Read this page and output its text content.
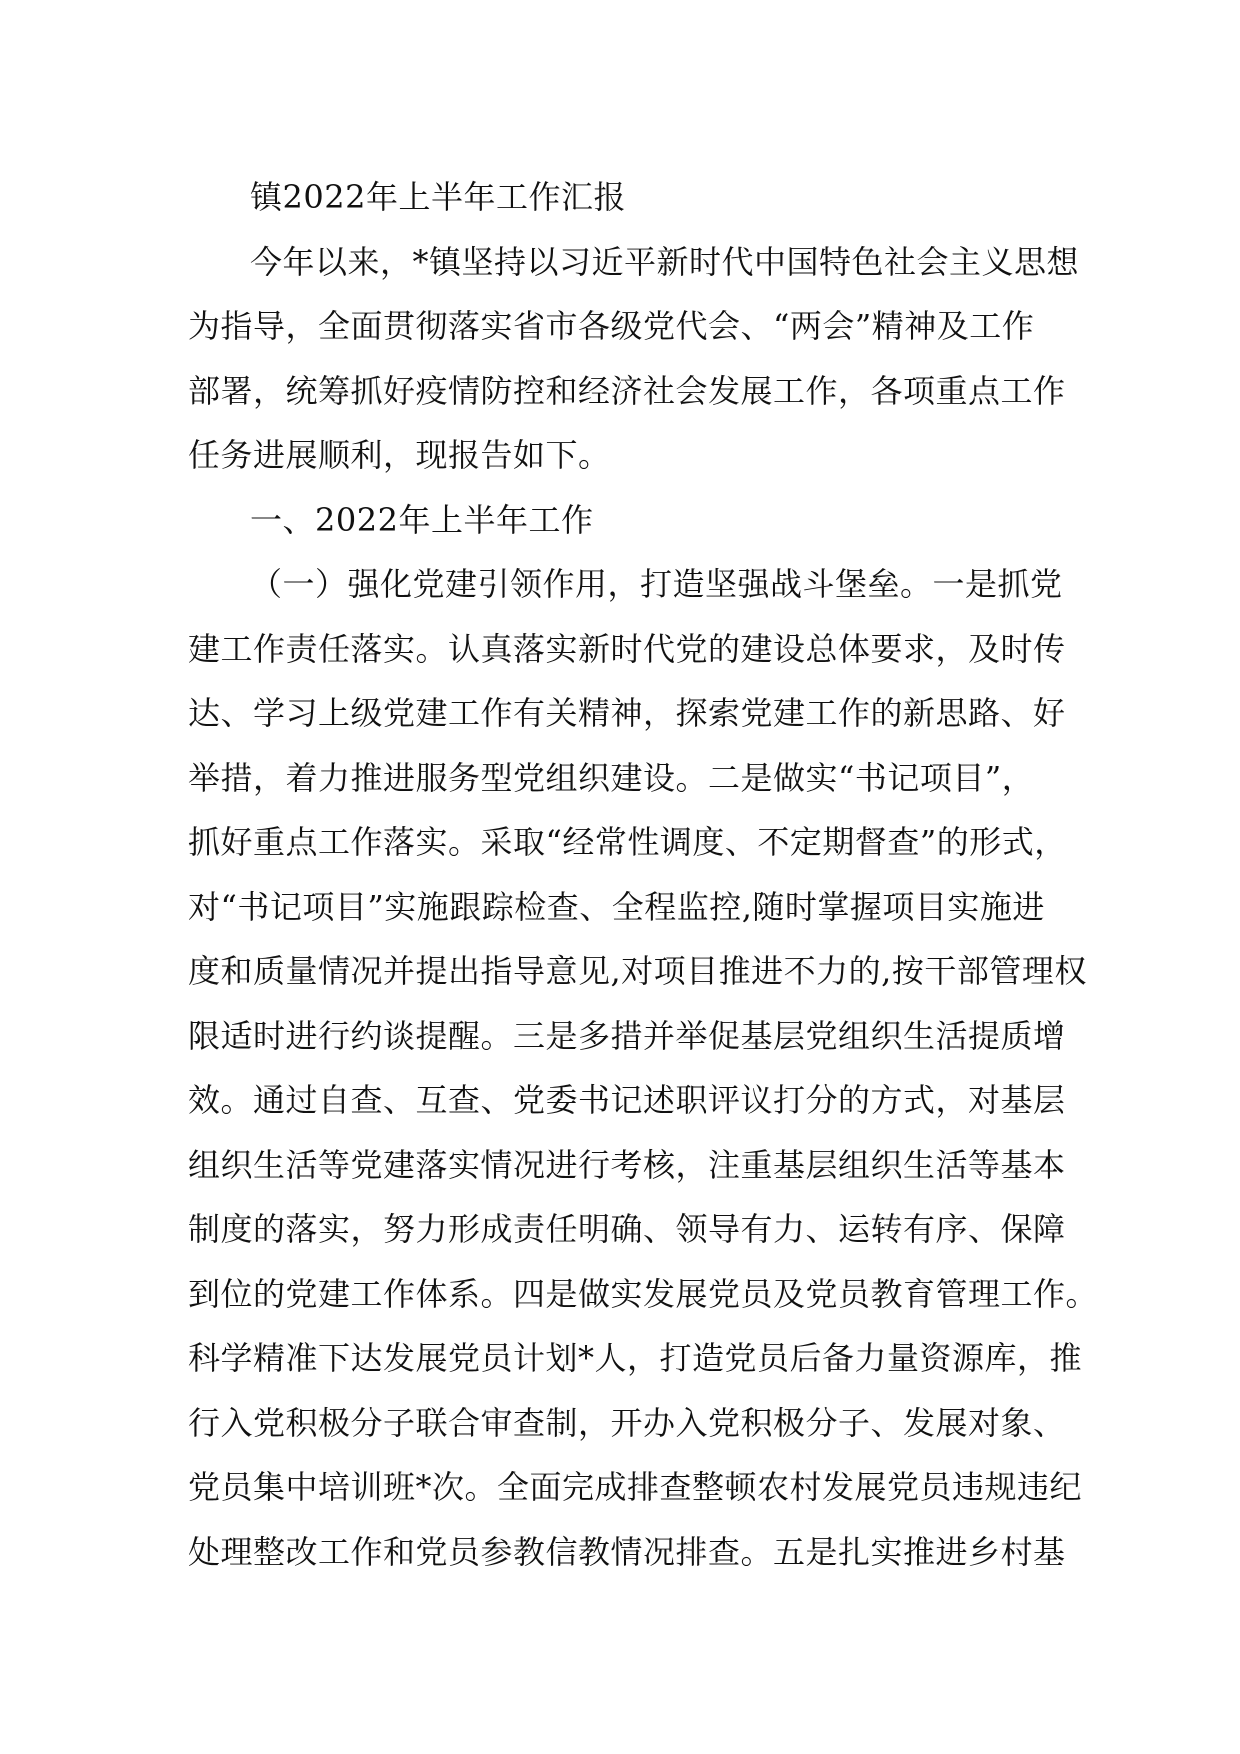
镇2022年上半年工作汇报
今年以来，*镇坚持以习近平新时代中国特色社会主义思想
为指导，全面贯彻落实省市各级党代会、“两会”精神及工作
部署，统筹抓好疫情防控和经济社会发展工作，各项重点工作
任务进展顺利，现报告如下。
一、2022年上半年工作
（一）强化党建引领作用，打造坚强战斗堡垒。一是抓党
建工作责任落实。认真落实新时代党的建设总体要求，及时传
达、学习上级党建工作有关精神，探索党建工作的新思路、好
举措，着力推进服务型党组织建设。二是做实“书记项目”，
抓好重点工作落实。采取“经常性调度、不定期督查”的形式，
对“书记项目”实施跟踪检查、全程监控,随时掌握项目实施进
度和质量情况并提出指导意见,对项目推进不力的,按干部管理权
限适时进行约谈提醒。三是多措并举促基层党组织生活提质增
效。通过自查、互查、党委书记述职评议打分的方式，对基层
组织生活等党建落实情况进行考核，注重基层组织生活等基本
制度的落实，努力形成责任明确、领导有力、运转有序、保障
到位的党建工作体系。四是做实发展党员及党员教育管理工作。
科学精准下达发展党员计划*人，打造党员后备力量资源库，推
行入党积极分子联合审查制，开办入党积极分子、发展对象、
党员集中培训班*次。全面完成排查整顿农村发展党员违规违纪
处理整改工作和党员参教信教情况排查。五是扎实推进乡村基
